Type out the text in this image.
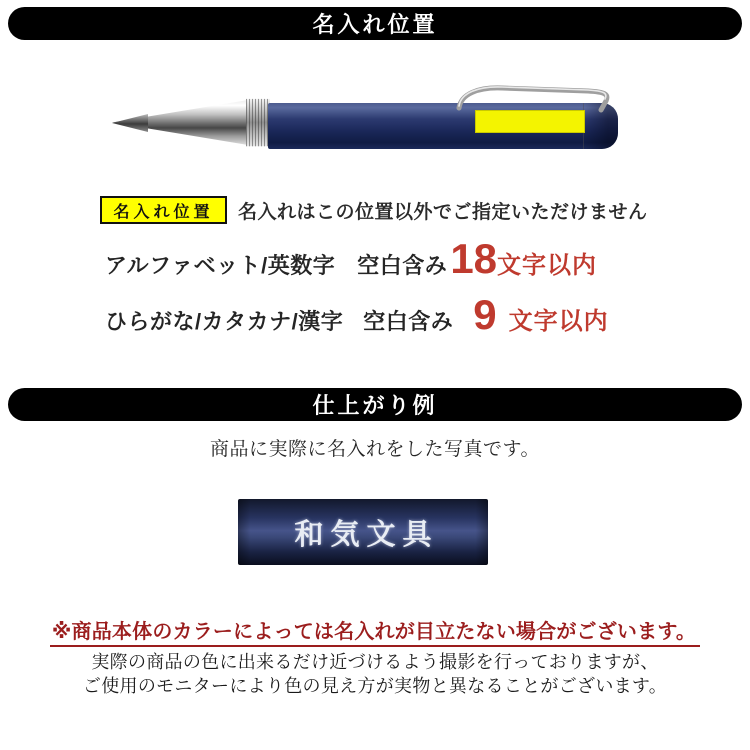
名入れ位置
名入れ位置	名入れはこの位置以外でご指定いただけません
アルファベット/英数字 空白含み 18 文字以内
ひらがな/カタカナ/漢字 空白含み 9 文字以内
仕上がり例
商品に実際に名入れをした写真です。
和気文具
※商品本体のカラーによっては名入れが目立たない場合がございます。
実際の商品の色に出来るだけ近づけるよう撮影を行っておりますが、
ご使用のモニターにより色の見え方が実物と異なることがございます。
